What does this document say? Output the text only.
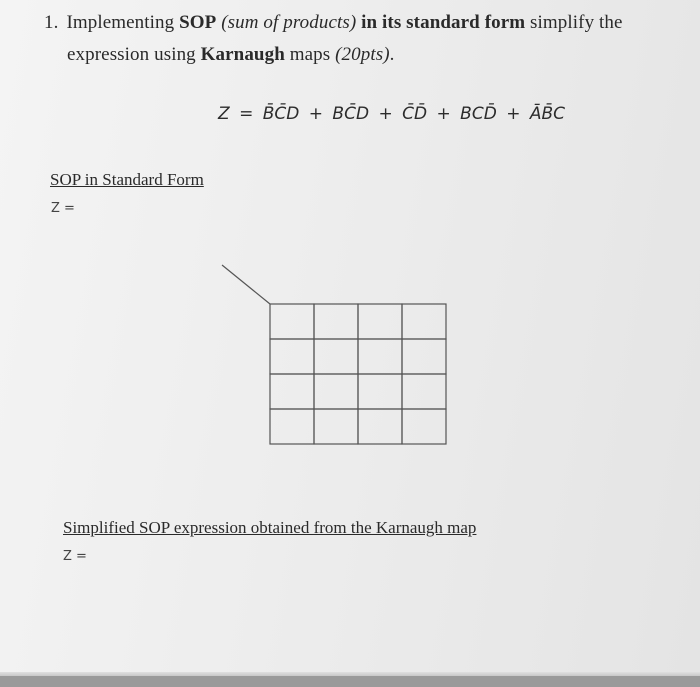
1. Implementing SOP (sum of products) in its standard form simplify the
expression using Karnaugh maps (20pts).
Z = B̄C̄D + BC̄D + C̄D̄ + BCD̄ + ĀB̄C
SOP in Standard Form
Z =
Simplified SOP expression obtained from the Karnaugh map
Z =
